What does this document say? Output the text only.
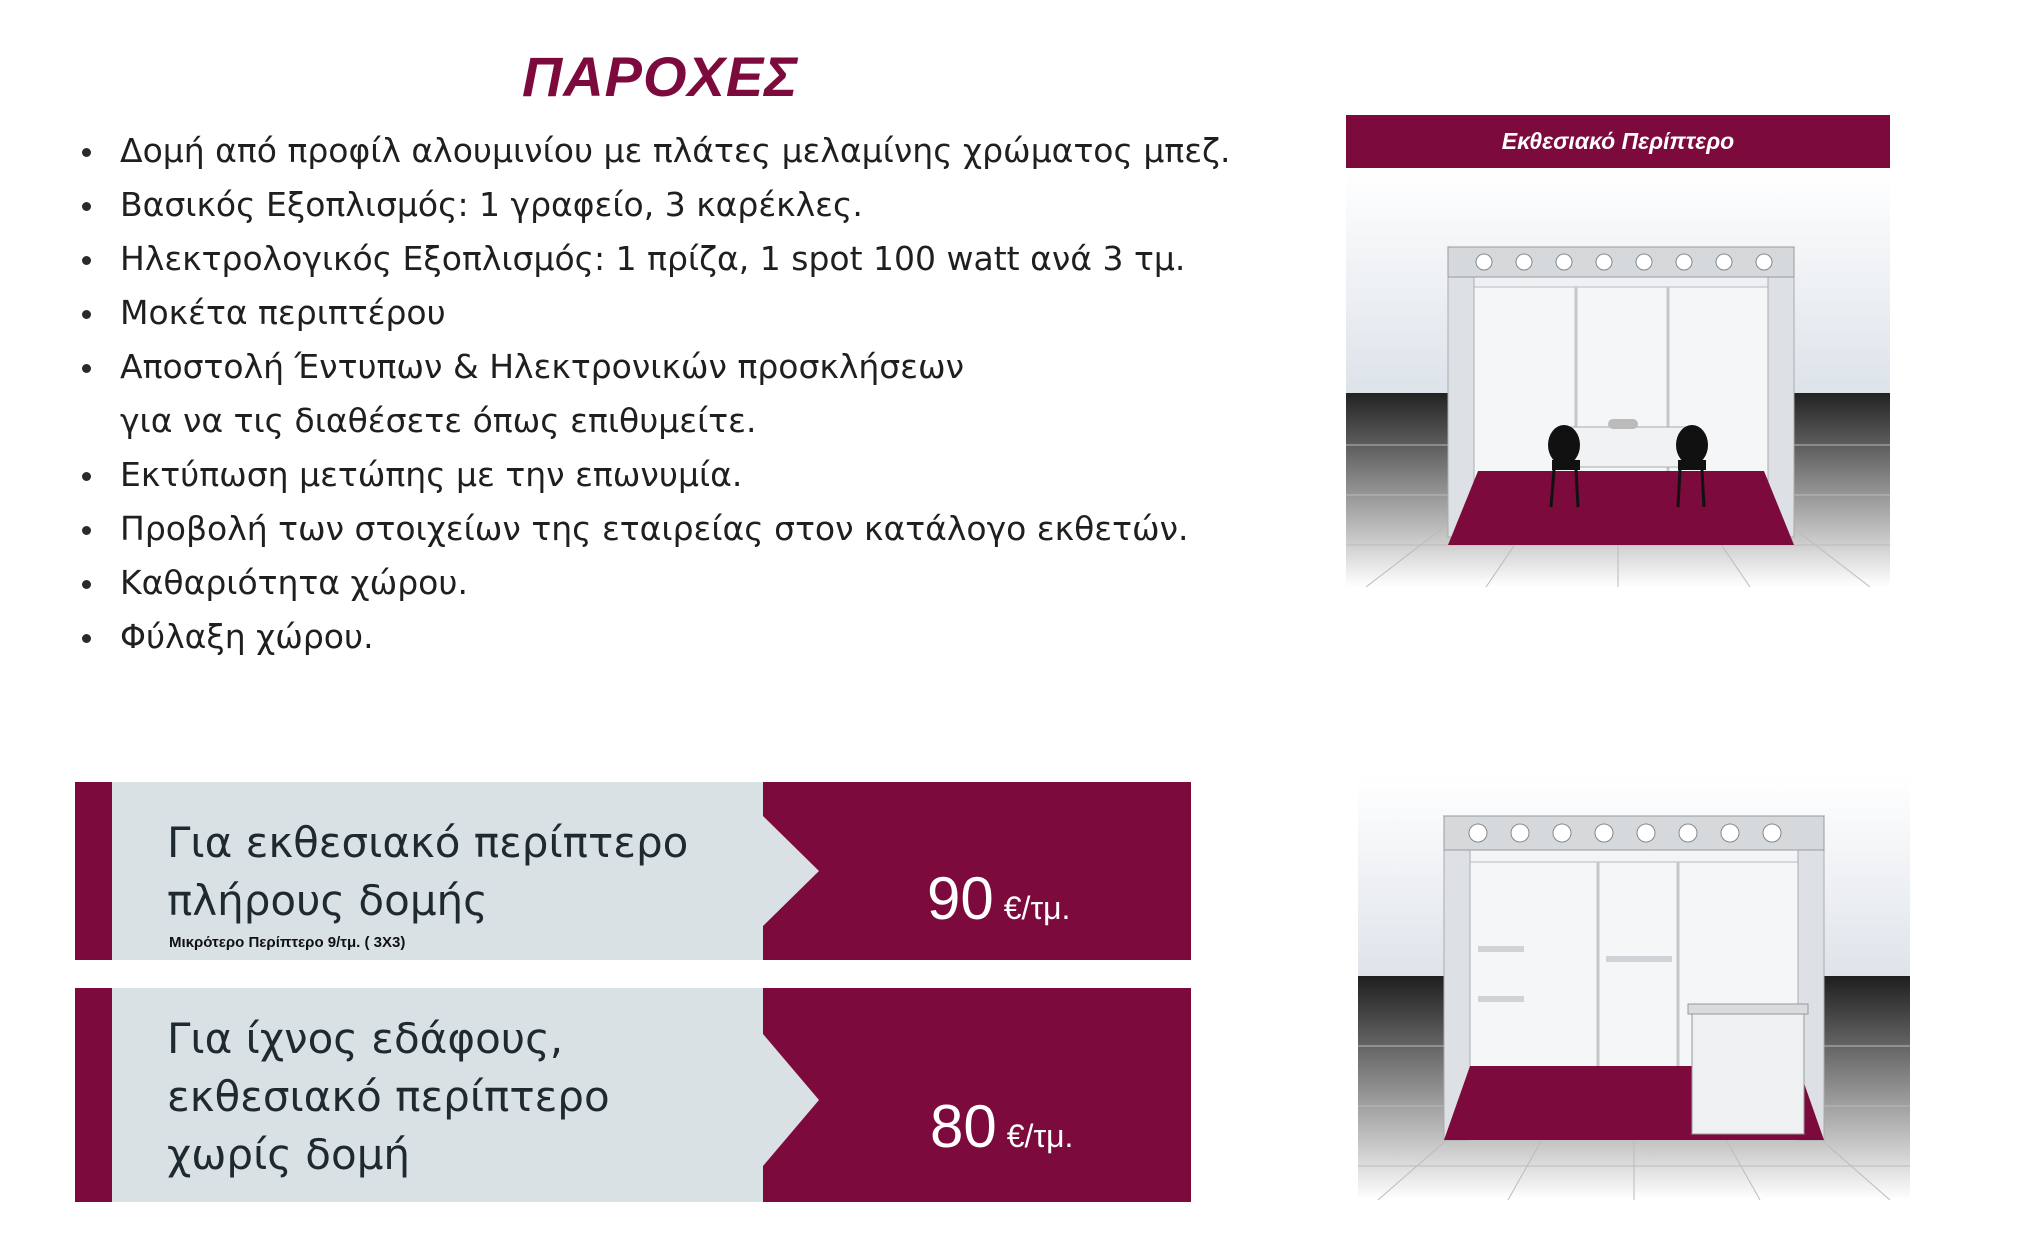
ΠΑΡΟΧΕΣ
Δομή από προφίλ αλουμινίου με πλάτες μελαμίνης χρώματος μπεζ.
Βασικός Εξοπλισμός: 1 γραφείο, 3 καρέκλες.
Ηλεκτρολογικός Εξοπλισμός: 1 πρίζα, 1 spot 100 watt ανά 3 τμ.
Μοκέτα περιπτέρου
Αποστολή Έντυπων & Ηλεκτρονικών προσκλήσεων
για να τις διαθέσετε όπως επιθυμείτε.
Εκτύπωση μετώπης με την επωνυμία.
Προβολή των στοιχείων της εταιρείας στον κατάλογο εκθετών.
Καθαριότητα χώρου.
Φύλαξη χώρου.
Εκθεσιακό Περίπτερο
Για εκθεσιακό περίπτερο
πλήρους δομής
Μικρότερο Περίπτερο 9/τμ. ( 3Χ3)
90 €/τμ.
Για ίχνος εδάφους,
εκθεσιακό περίπτερο
χωρίς δομή	80 €/τμ.
